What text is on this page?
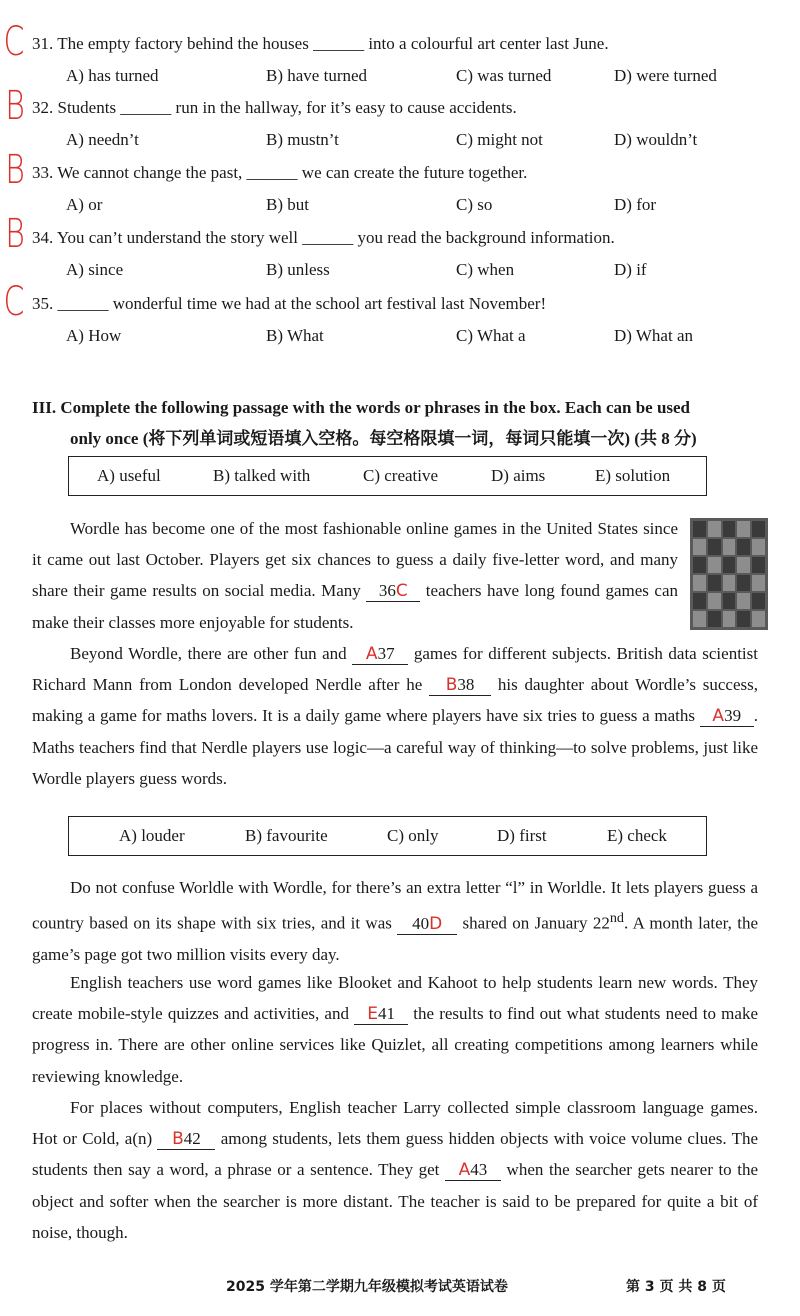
31. The empty factory behind the houses ______ into a colourful art center last June.
A) has turned	B) have turned	C) was turned	D) were turned
C
32. Students ______ run in the hallway, for it’s easy to cause accidents.
A) needn’t	B) mustn’t	C) might not	D) wouldn’t
B
33. We cannot change the past, ______ we can create the future together.
A) or	B) but	C) so	D) for
B
34. You can’t understand the story well ______ you read the background information.
A) since	B) unless	C) when	D) if
B
35. ______ wonderful time we had at the school art festival last November!
A) How	B) What	C) What a	D) What an
C
III. Complete the following passage with the words or phrases in the box. Each can be used
only once (将下列单词或短语填入空格。每空格限填一词，每词只能填一次) (共 8 分)
A) useful	B) talked with	C) creative	D) aims	E) solution

Wordle has become one of the most fashionable online games in the United States since it came out last October. Players get six chances to guess a daily five-letter word, and many share their game results on social media. Many 36C teachers have long found games can make their classes more enjoyable for students.

Beyond Wordle, there are other fun and A37 games for different subjects. British data scientist Richard Mann from London developed Nerdle after he B38 his daughter about Wordle’s success, making a game for maths lovers. It is a daily game where players have six tries to guess a maths A39 . Maths teachers find that Nerdle players use logic—a careful way of thinking—to solve problems, just like Wordle players guess words.

A) louder	B) favourite	C) only	D) first	E) check

Do not confuse Worldle with Wordle, for there’s an extra letter “l” in Worldle. It lets players guess a country based on its shape with six tries, and it was 40D shared on January 22nd. A month later, the game’s page got two million visits every day.

English teachers use word games like Blooket and Kahoot to help students learn new words. They create mobile-style quizzes and activities, and E41 the results to find out what students need to make progress in. There are other online services like Quizlet, all creating competitions among learners while reviewing knowledge.

For places without computers, English teacher Larry collected simple classroom language games. Hot or Cold, a(n) B42 among students, lets them guess hidden objects with voice volume clues. The students then say a word, a phrase or a sentence. They get A43 when the searcher gets nearer to the object and softer when the searcher is more distant. The teacher is said to be prepared for quite a bit of noise, though.

2025 学年第二学期九年级模拟考试英语试卷	第 3 页 共 8 页
